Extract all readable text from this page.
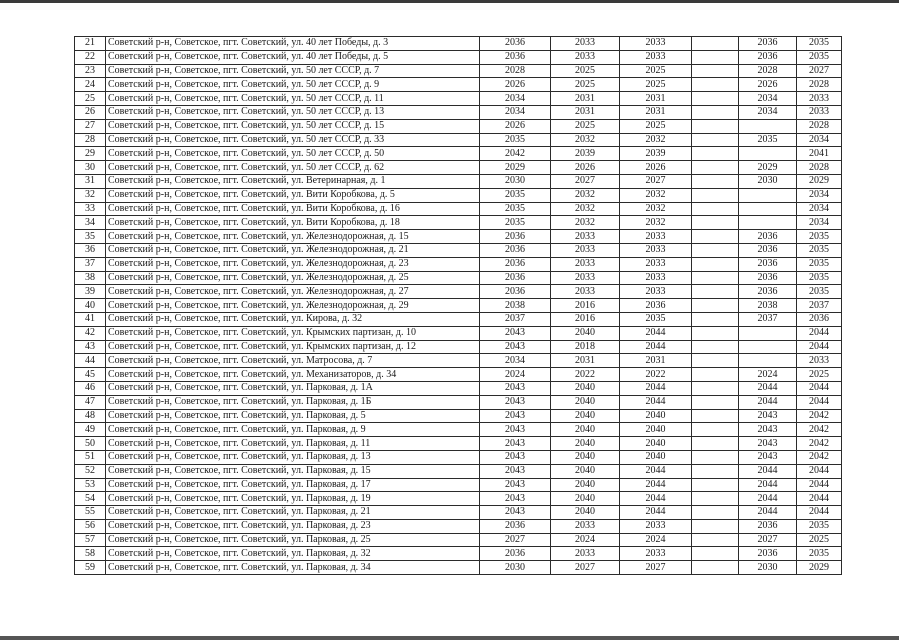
21	Советский р-н, Советское, пгт. Советский, ул. 40 лет Победы, д. 3	2036	2033	2033		2036	2035
22	Советский р-н, Советское, пгт. Советский, ул. 40 лет Победы, д. 5	2036	2033	2033		2036	2035
23	Советский р-н, Советское, пгт. Советский, ул. 50 лет СССР, д. 7	2028	2025	2025		2028	2027
24	Советский р-н, Советское, пгт. Советский, ул. 50 лет СССР, д. 9	2026	2025	2025		2026	2028
25	Советский р-н, Советское, пгт. Советский, ул. 50 лет СССР, д. 11	2034	2031	2031		2034	2033
26	Советский р-н, Советское, пгт. Советский, ул. 50 лет СССР, д. 13	2034	2031	2031		2034	2033
27	Советский р-н, Советское, пгт. Советский, ул. 50 лет СССР, д. 15	2026	2025	2025			2028
28	Советский р-н, Советское, пгт. Советский, ул. 50 лет СССР, д. 33	2035	2032	2032		2035	2034
29	Советский р-н, Советское, пгт. Советский, ул. 50 лет СССР, д. 50	2042	2039	2039			2041
30	Советский р-н, Советское, пгт. Советский, ул. 50 лет СССР, д. 62	2029	2026	2026		2029	2028
31	Советский р-н, Советское, пгт. Советский, ул. Ветеринарная, д. 1	2030	2027	2027		2030	2029
32	Советский р-н, Советское, пгт. Советский, ул. Вити Коробкова, д. 5	2035	2032	2032			2034
33	Советский р-н, Советское, пгт. Советский, ул. Вити Коробкова, д. 16	2035	2032	2032			2034
34	Советский р-н, Советское, пгт. Советский, ул. Вити Коробкова, д. 18	2035	2032	2032			2034
35	Советский р-н, Советское, пгт. Советский, ул. Железнодорожная, д. 15	2036	2033	2033		2036	2035
36	Советский р-н, Советское, пгт. Советский, ул. Железнодорожная, д. 21	2036	2033	2033		2036	2035
37	Советский р-н, Советское, пгт. Советский, ул. Железнодорожная, д. 23	2036	2033	2033		2036	2035
38	Советский р-н, Советское, пгт. Советский, ул. Железнодорожная, д. 25	2036	2033	2033		2036	2035
39	Советский р-н, Советское, пгт. Советский, ул. Железнодорожная, д. 27	2036	2033	2033		2036	2035
40	Советский р-н, Советское, пгт. Советский, ул. Железнодорожная, д. 29	2038	2016	2036		2038	2037
41	Советский р-н, Советское, пгт. Советский, ул. Кирова, д. 32	2037	2016	2035		2037	2036
42	Советский р-н, Советское, пгт. Советский, ул. Крымских партизан, д. 10	2043	2040	2044			2044
43	Советский р-н, Советское, пгт. Советский, ул. Крымских партизан, д. 12	2043	2018	2044			2044
44	Советский р-н, Советское, пгт. Советский, ул. Матросова, д. 7	2034	2031	2031			2033
45	Советский р-н, Советское, пгт. Советский, ул. Механизаторов, д. 34	2024	2022	2022		2024	2025
46	Советский р-н, Советское, пгт. Советский, ул. Парковая, д. 1А	2043	2040	2044		2044	2044
47	Советский р-н, Советское, пгт. Советский, ул. Парковая, д. 1Б	2043	2040	2044		2044	2044
48	Советский р-н, Советское, пгт. Советский, ул. Парковая, д. 5	2043	2040	2040		2043	2042
49	Советский р-н, Советское, пгт. Советский, ул. Парковая, д. 9	2043	2040	2040		2043	2042
50	Советский р-н, Советское, пгт. Советский, ул. Парковая, д. 11	2043	2040	2040		2043	2042
51	Советский р-н, Советское, пгт. Советский, ул. Парковая, д. 13	2043	2040	2040		2043	2042
52	Советский р-н, Советское, пгт. Советский, ул. Парковая, д. 15	2043	2040	2044		2044	2044
53	Советский р-н, Советское, пгт. Советский, ул. Парковая, д. 17	2043	2040	2044		2044	2044
54	Советский р-н, Советское, пгт. Советский, ул. Парковая, д. 19	2043	2040	2044		2044	2044
55	Советский р-н, Советское, пгт. Советский, ул. Парковая, д. 21	2043	2040	2044		2044	2044
56	Советский р-н, Советское, пгт. Советский, ул. Парковая, д. 23	2036	2033	2033		2036	2035
57	Советский р-н, Советское, пгт. Советский, ул. Парковая, д. 25	2027	2024	2024		2027	2025
58	Советский р-н, Советское, пгт. Советский, ул. Парковая, д. 32	2036	2033	2033		2036	2035
59	Советский р-н, Советское, пгт. Советский, ул. Парковая, д. 34	2030	2027	2027		2030	2029
